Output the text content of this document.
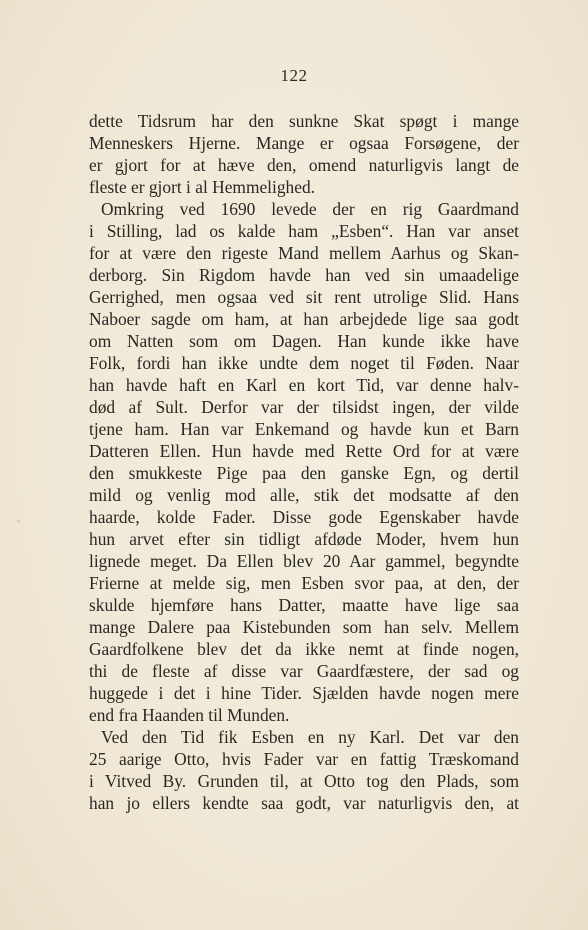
122
dette Tidsrum har den sunkne Skat spøgt i mange
Menneskers Hjerne. Mange er ogsaa Forsøgene, der
er gjort for at hæve den, omend naturligvis langt de
fleste er gjort i al Hemmelighed.
Omkring ved 1690 levede der en rig Gaardmand
i Stilling, lad os kalde ham „Esben“. Han var anset
for at være den rigeste Mand mellem Aarhus og Skan-
derborg. Sin Rigdom havde han ved sin umaadelige
Gerrighed, men ogsaa ved sit rent utrolige Slid. Hans
Naboer sagde om ham, at han arbejdede lige saa godt
om Natten som om Dagen. Han kunde ikke have
Folk, fordi han ikke undte dem noget til Føden. Naar
han havde haft en Karl en kort Tid, var denne halv-
død af Sult. Derfor var der tilsidst ingen, der vilde
tjene ham. Han var Enkemand og havde kun et Barn
Datteren Ellen. Hun havde med Rette Ord for at være
den smukkeste Pige paa den ganske Egn, og dertil
mild og venlig mod alle, stik det modsatte af den
haarde, kolde Fader. Disse gode Egenskaber havde
hun arvet efter sin tidligt afdøde Moder, hvem hun
lignede meget. Da Ellen blev 20 Aar gammel, begyndte
Frierne at melde sig, men Esben svor paa, at den, der
skulde hjemføre hans Datter, maatte have lige saa
mange Dalere paa Kistebunden som han selv. Mellem
Gaardfolkene blev det da ikke nemt at finde nogen,
thi de fleste af disse var Gaardfæstere, der sad og
huggede i det i hine Tider. Sjælden havde nogen mere
end fra Haanden til Munden.
Ved den Tid fik Esben en ny Karl. Det var den
25 aarige Otto, hvis Fader var en fattig Træskomand
i Vitved By. Grunden til, at Otto tog den Plads, som
han jo ellers kendte saa godt, var naturligvis den, at
